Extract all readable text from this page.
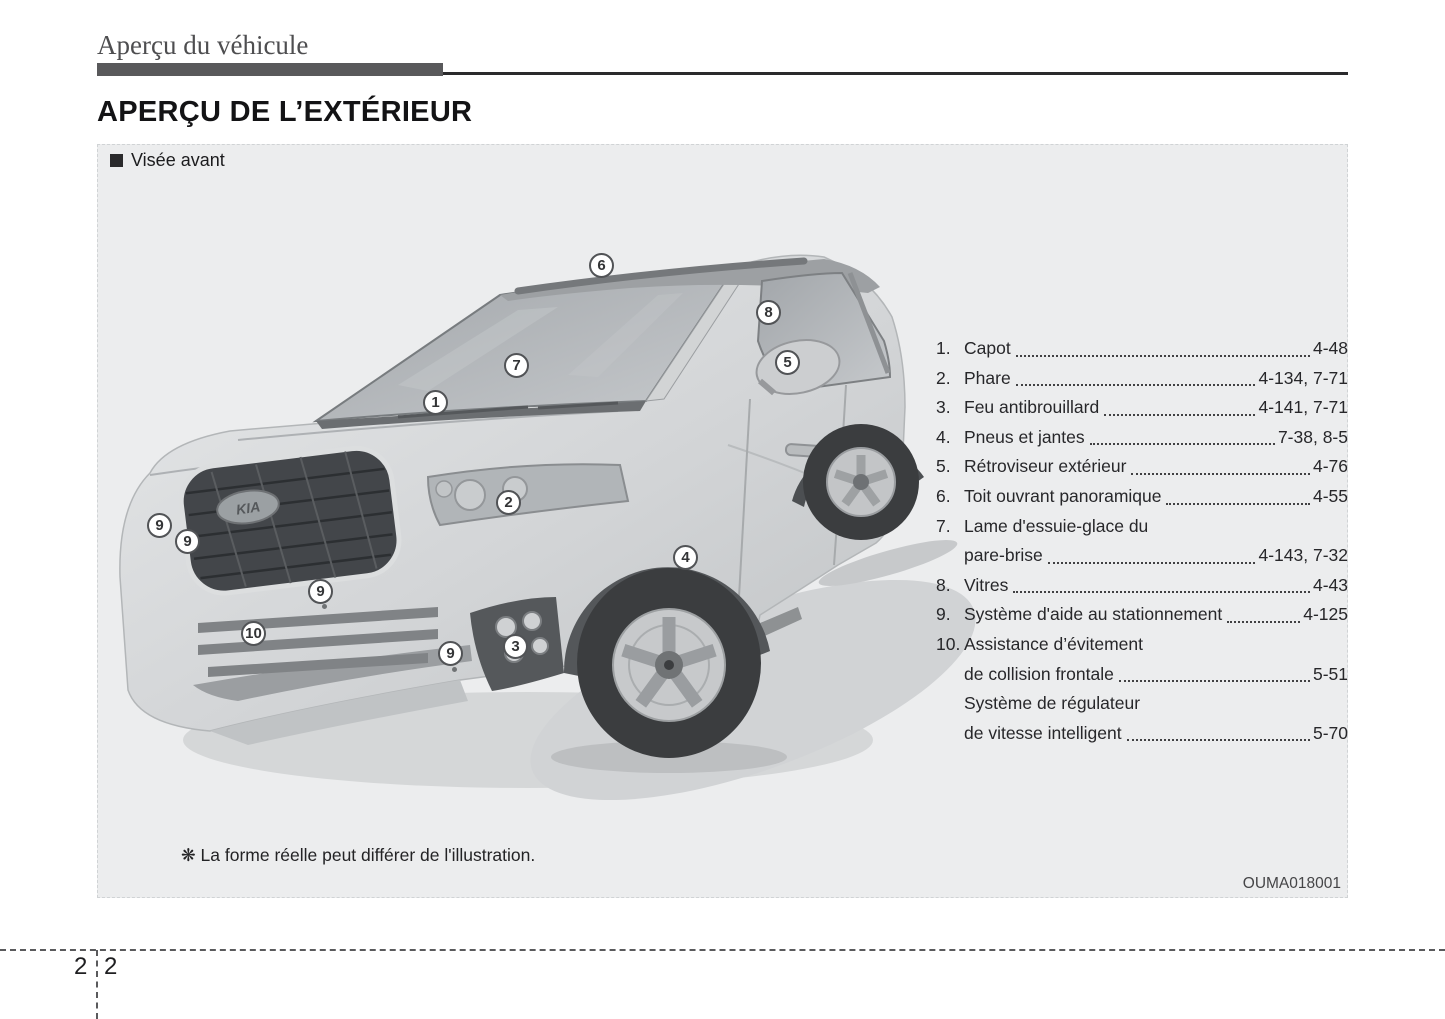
Aperçu du véhicule
APERÇU DE L’EXTÉRIEUR
KIA
Visée avant
1
2
3
4
5
6
7
8
9
9
9
9
10
1. Capot	4-48
2. Phare	4-134, 7-71
3. Feu antibrouillard	4-141, 7-71
4. Pneus et jantes	7-38, 8-5
5. Rétroviseur extérieur	4-76
6. Toit ouvrant panoramique	4-55
7. Lame d'essuie-glace du
pare-brise	4-143, 7-32
8. Vitres	4-43
9. Système d'aide au stationnement	4-125
10. Assistance d’évitement
de collision frontale	5-51
Système de régulateur
de vitesse intelligent	5-70
❋ La forme réelle peut différer de l'illustration.
OUMA018001
2 2
